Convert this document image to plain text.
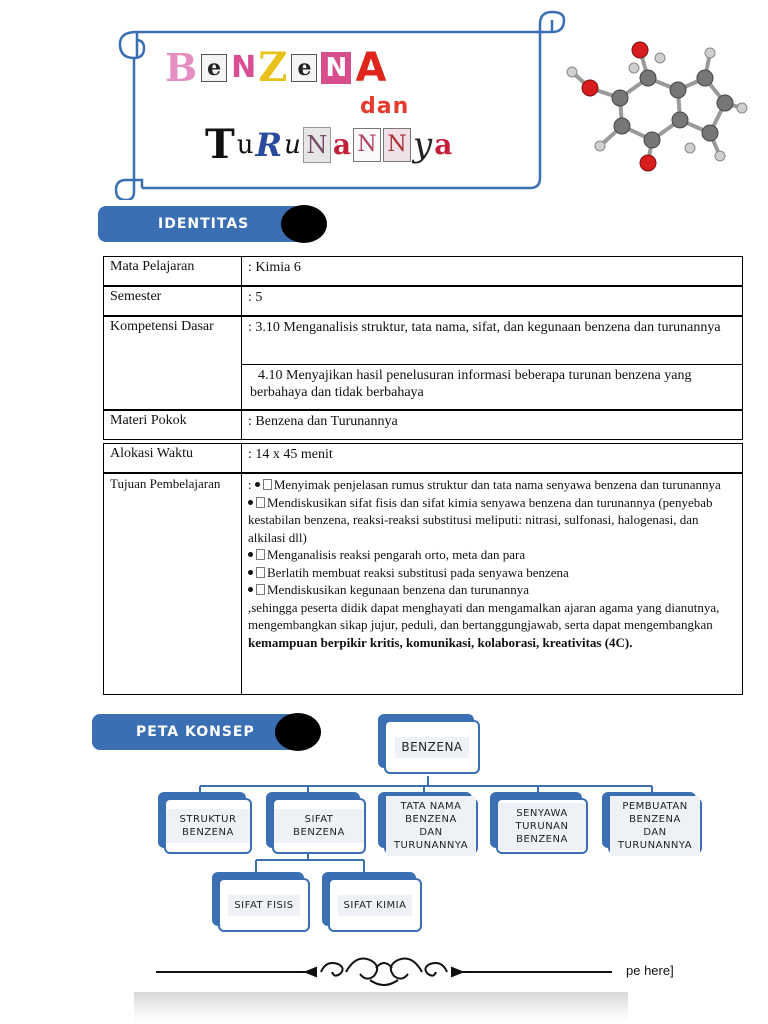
B e N Z e N A
dan
T u R u N a N N y a
IDENTITAS
Mata Pelajaran	: Kimia 6
Semester	: 5
Kompetensi Dasar	: 3.10 Menganalisis struktur, tata nama, sifat, dan kegunaan benzena dan turunannya
4.10 Menyajikan hasil penelusuran informasi beberapa turunan benzena yang berbahaya dan tidak berbahaya
Materi Pokok	: Benzena dan Turunannya
Alokasi Waktu	: 14 x 45 menit
Tujuan Pembelajaran	: Menyimak penjelasan rumus struktur dan tata nama senyawa benzena dan turunannya
Mendiskusikan sifat fisis dan sifat kimia senyawa benzena dan turunannya (penyebab kestabilan benzena, reaksi-reaksi substitusi meliputi: nitrasi, sulfonasi, halogenasi, dan alkilasi dll)
Menganalisis reaksi pengarah orto, meta dan para
Berlatih membuat reaksi substitusi pada senyawa benzena
Mendiskusikan kegunaan benzena dan turunannya
,sehingga peserta didik dapat menghayati dan mengamalkan ajaran agama yang dianutnya, mengembangkan sikap jujur, peduli, dan bertanggungjawab, serta dapat mengembangkan kemampuan berpikir kritis, komunikasi, kolaborasi, kreativitas (4C).
PETA KONSEP
BENZENA
STRUKTUR BENZENA
SIFAT BENZENA
TATA NAMA BENZENA DAN TURUNANNYA
SENYAWA TURUNAN BENZENA
PEMBUATAN BENZENA DAN TURUNANNYA
SIFAT FISIS	SIFAT KIMIA
pe here]
